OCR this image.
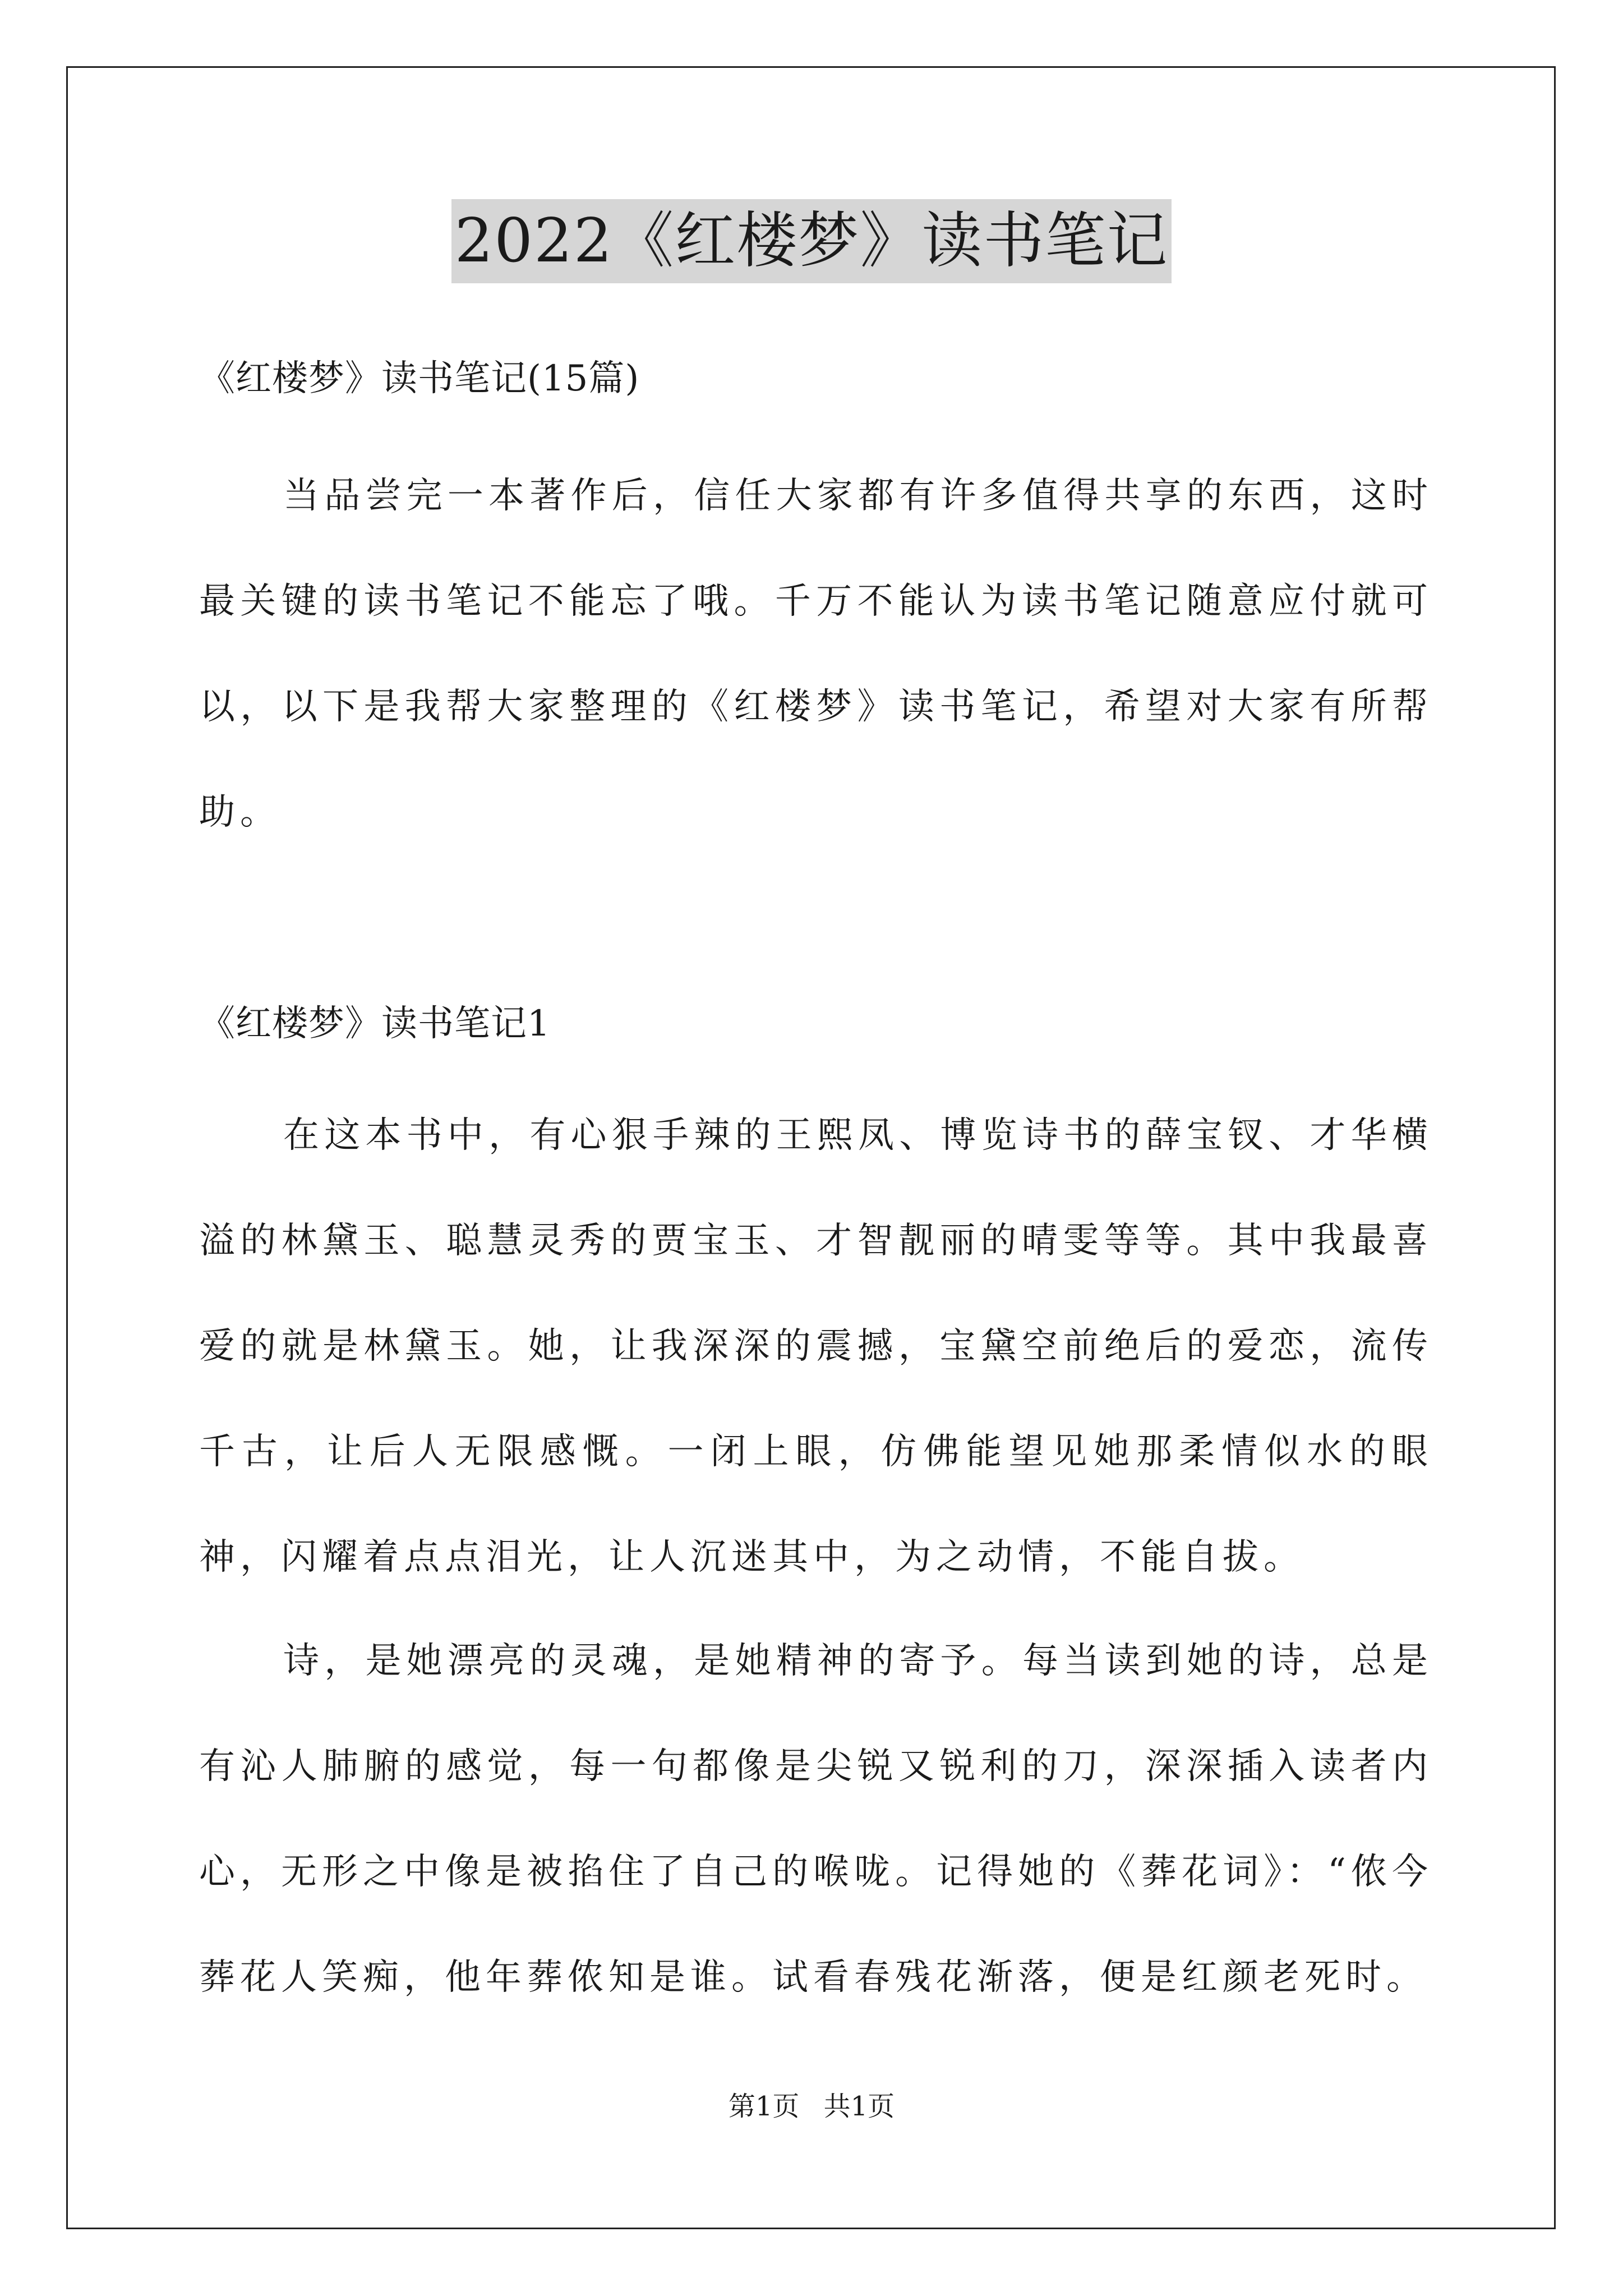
2022《红楼梦》读书笔记
《红楼梦》读书笔记(15篇)

当品尝完一本著作后，信任大家都有许多值得共享的东西，这时最关键的读书笔记不能忘了哦。千万不能认为读书笔记随意应付就可以，以下是我帮大家整理的《红楼梦》读书笔记，希望对大家有所帮助。

《红楼梦》读书笔记1

在这本书中，有心狠手辣的王熙凤、博览诗书的薛宝钗、才华横溢的林黛玉、聪慧灵秀的贾宝玉、才智靓丽的晴雯等等。其中我最喜爱的就是林黛玉。她，让我深深的震撼，宝黛空前绝后的爱恋，流传千古，让后人无限感慨。一闭上眼，仿佛能望见她那柔情似水的眼神，闪耀着点点泪光，让人沉迷其中，为之动情，不能自拔。

诗，是她漂亮的灵魂，是她精神的寄予。每当读到她的诗，总是有沁人肺腑的感觉，每一句都像是尖锐又锐利的刀，深深插入读者内心，无形之中像是被掐住了自己的喉咙。记得她的《葬花词》：“侬今葬花人笑痴，他年葬侬知是谁。试看春残花渐落，便是红颜老死时。

第1页 共1页
